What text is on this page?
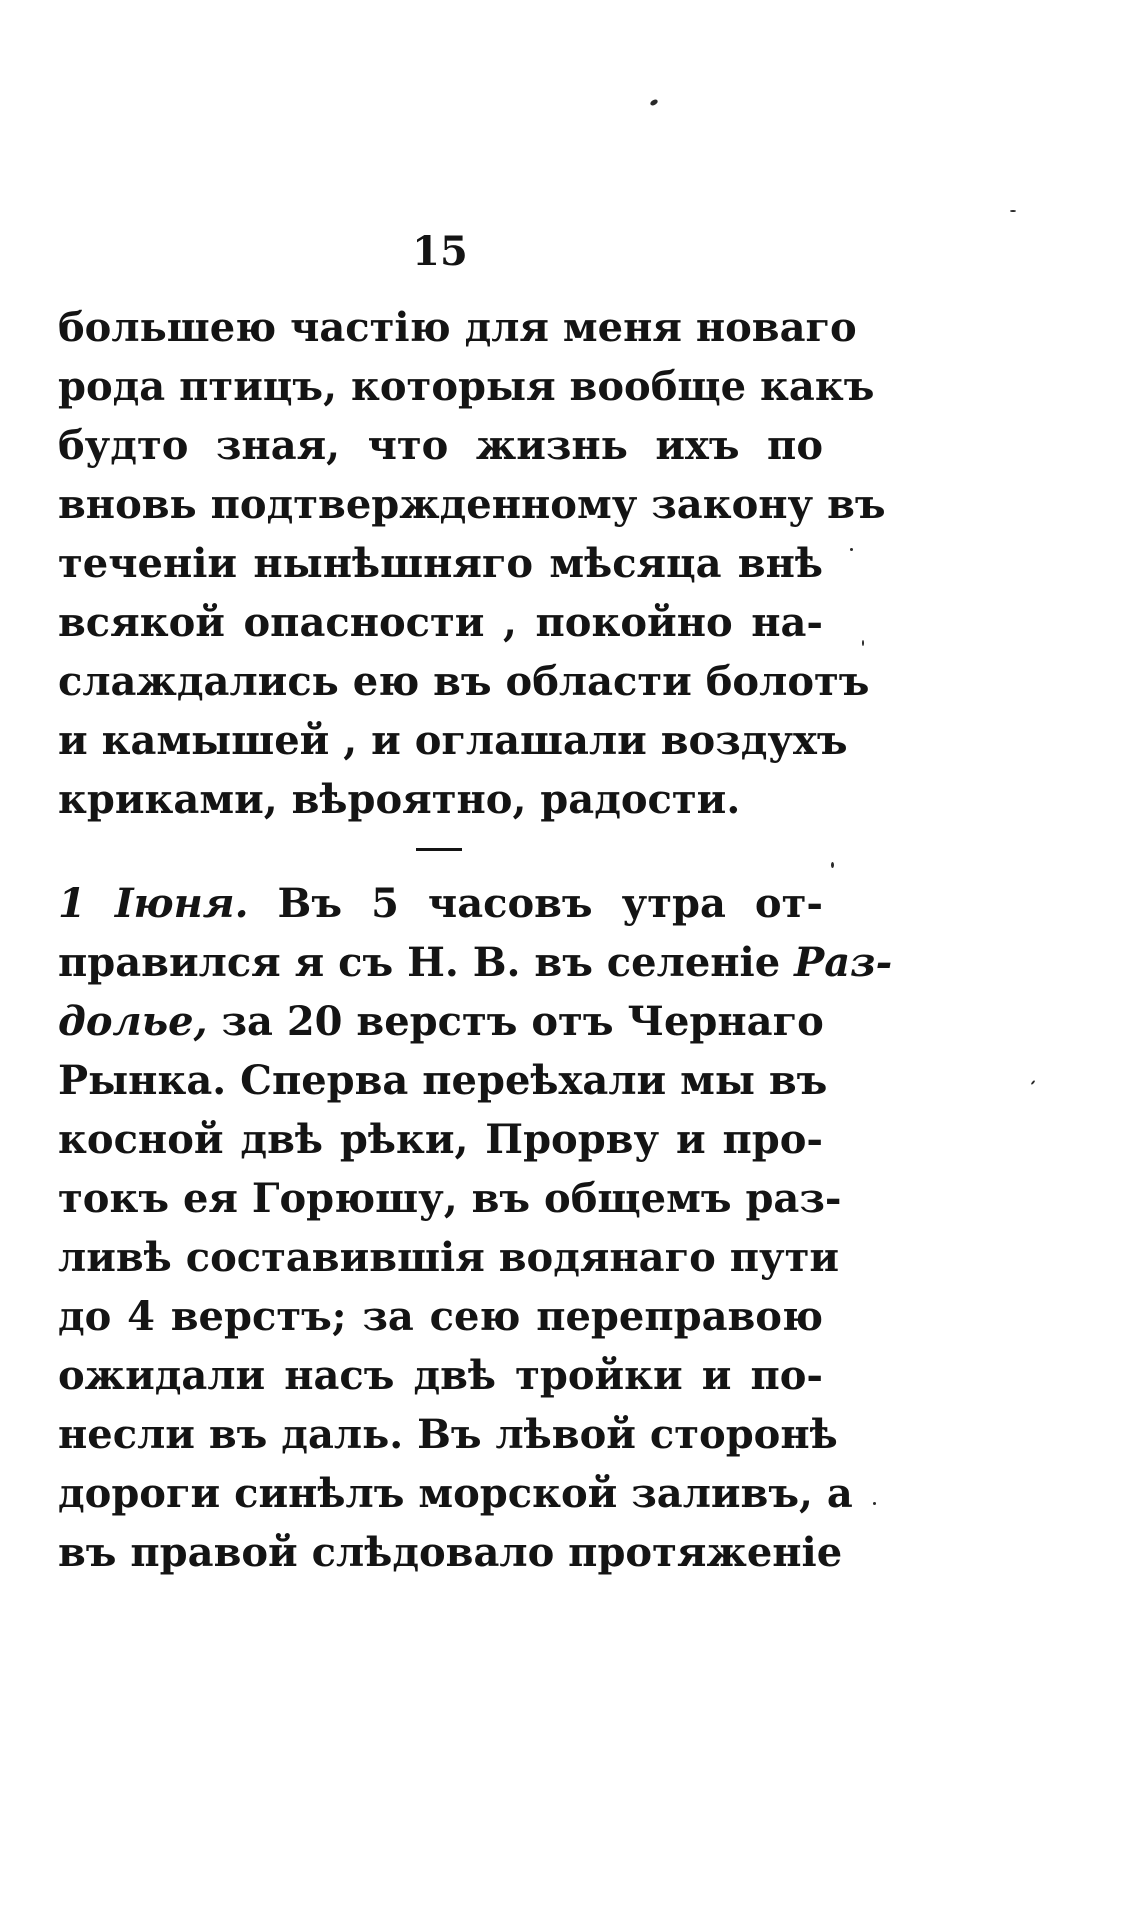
15
большею частію для меня новаго
рода птицъ, которыя вообще какъ
будто зная, что жизнь ихъ по
вновь подтвержденному закону въ
теченіи нынѣшняго мѣсяца внѣ
всякой опасности , покойно на-
слаждались ею въ области болотъ
и камышей , и оглашали воздухъ
криками, вѣроятно, радости.
1 Іюня. Въ 5 часовъ утра от-
правился я съ Н. В. въ селеніе Раз-
долье, за 20 верстъ отъ Чернаго
Рынка. Сперва переѣхали мы въ
косной двѣ рѣки, Прорву и про-
токъ ея Горюшу, въ общемъ раз-
ливѣ составившія водянаго пути
до 4 верстъ; за сею переправою
ожидали насъ двѣ тройки и по-
несли въ даль. Въ лѣвой сторонѣ
дороги синѣлъ морской заливъ, а
въ правой слѣдовало протяженіе
